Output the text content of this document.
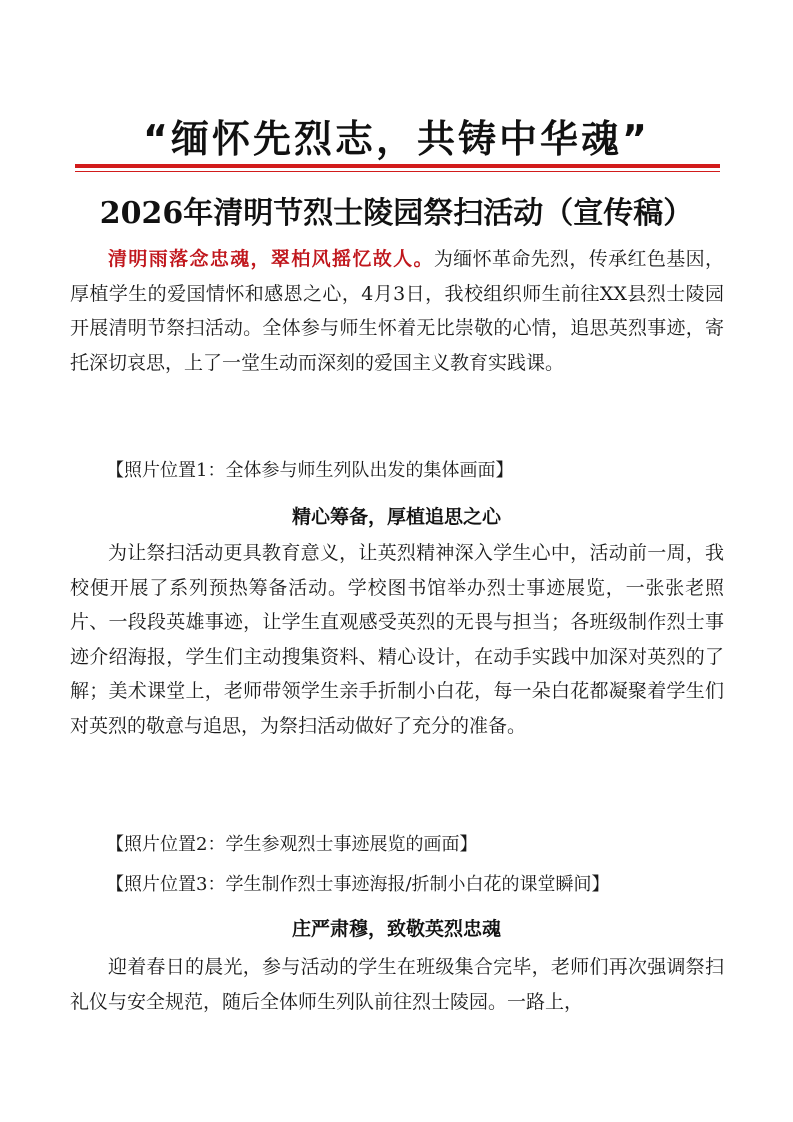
“缅怀先烈志，共铸中华魂”
2026年清明节烈士陵园祭扫活动（宣传稿）
清明雨落念忠魂，翠柏风摇忆故人。为缅怀革命先烈，传承红色基因，厚植学生的爱国情怀和感恩之心，4月3日，我校组织师生前往XX县烈士陵园开展清明节祭扫活动。全体参与师生怀着无比崇敬的心情，追思英烈事迹，寄托深切哀思，上了一堂生动而深刻的爱国主义教育实践课。
【照片位置1：全体参与师生列队出发的集体画面】
精心筹备，厚植追思之心
为让祭扫活动更具教育意义，让英烈精神深入学生心中，活动前一周，我校便开展了系列预热筹备活动。学校图书馆举办烈士事迹展览，一张张老照片、一段段英雄事迹，让学生直观感受英烈的无畏与担当；各班级制作烈士事迹介绍海报，学生们主动搜集资料、精心设计，在动手实践中加深对英烈的了解；美术课堂上，老师带领学生亲手折制小白花，每一朵白花都凝聚着学生们对英烈的敬意与追思，为祭扫活动做好了充分的准备。
【照片位置2：学生参观烈士事迹展览的画面】
【照片位置3：学生制作烈士事迹海报/折制小白花的课堂瞬间】
庄严肃穆，致敬英烈忠魂
迎着春日的晨光，参与活动的学生在班级集合完毕，老师们再次强调祭扫礼仪与安全规范，随后全体师生列队前往烈士陵园。一路上，
